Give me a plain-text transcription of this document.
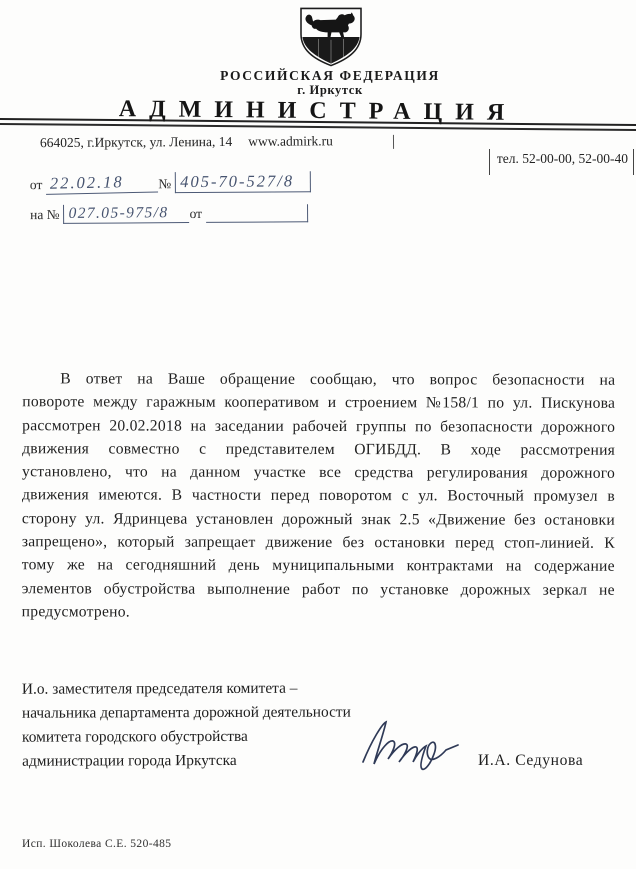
РОССИЙСКАЯ ФЕДЕРАЦИЯ
г. Иркутск
АДМИНИСТРАЦИЯ
664025, г.Иркутск, ул. Ленина, 14 www.admirk.ru
тел. 52-00-00, 52-00-40
от 22.02.18	№ 405-70-527/8
на № 027.05-975/8	от

В ответ на Ваше обращение сообщаю, что вопрос безопасности на повороте между гаражным кооперативом и строением №158/1 по ул. Пискунова рассмотрен 20.02.2018 на заседании рабочей группы по безопасности дорожного движения совместно с представителем ОГИБДД. В ходе рассмотрения установлено, что на данном участке все средства регулирования дорожного движения имеются. В частности перед поворотом с ул. Восточный промузел в сторону ул. Ядринцева установлен дорожный знак 2.5 «Движение без остановки запрещено», который запрещает движение без остановки перед стоп-линией. К тому же на сегодняшний день муниципальными контрактами на содержание элементов обустройства выполнение работ по установке дорожных зеркал не предусмотрено.

И.о. заместителя председателя комитета –
начальника департамента дорожной деятельности
комитета городского обустройства
администрации города Иркутска	И.А. Седунова
Исп. Шоколева С.Е. 520-485
